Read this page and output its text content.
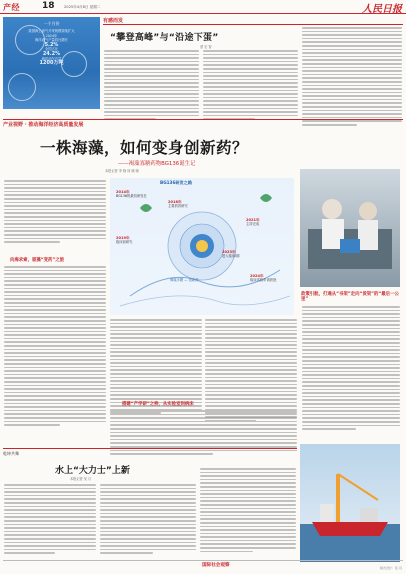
产经 18	2025年4月8日 星期二	人民日报
一个月份
我国海上油气开采规模持续扩大
2024年
海洋油气产量同比增长
5.2%
全国占比
24.2%
海洋油气产量
1200万吨
有感而发
“攀登高峰”与“沿途下蛋”
蔡 宏 智
产业视野 · 推动海洋经济高质量发展
一株海藻，如何变身创新药？
——褐藻寡糖药物BG136诞生记
本报记者 李 晓 何 晓 晓
向海求索，驱藻“变药”之旅
BG136研发之路
2014年
BG136的最初研发在
2018年
主要药效研究
2019年
临床前研究
2021年
主持完成
2023年
进入临床I期
2024年
临床试验申请获批
褐藻多糖 — 创新药
搭建“产学研”之桥，从实验室到病床
政策引航，打通从“书架”走向“货架”的“最后一公里”
乾坤共舞
水上“大力士”上新
本报记者 吴 月
国际社会观察	版式设计：张 丹
